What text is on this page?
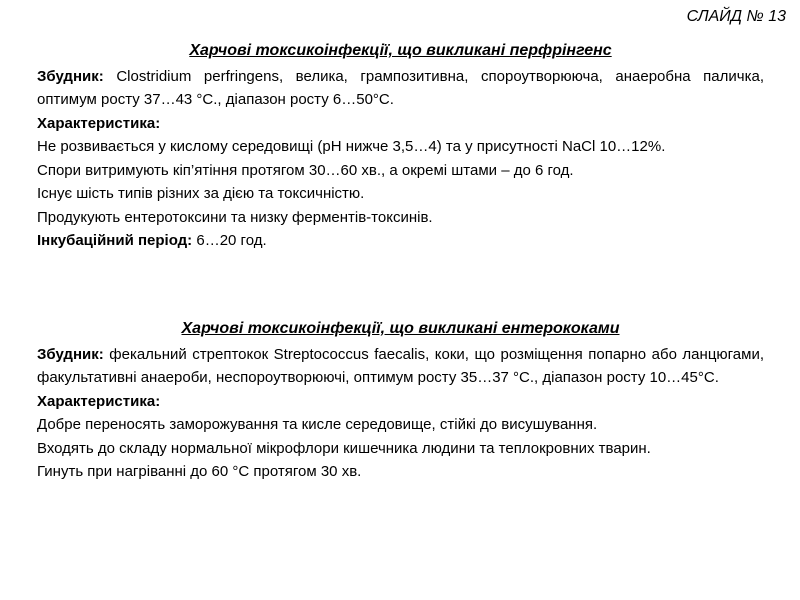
СЛАЙД № 13
Харчові токсикоінфекції, що викликані перфрінгенс

Збудник: Clostridium perfringens, велика, грампозитивна, спороутворююча, анаеробна паличка, оптимум росту 37…43 °С., діапазон росту 6…50°С.

Характеристика:

Не розвивається у кислому середовищі (рН нижче 3,5…4) та у присутності NaCl 10…12%.

Спори витримують кіп’ятіння протягом 30…60 хв., а окремі штами – до 6 год.

Існує шість типів різних за дією та токсичністю.

Продукують ентеротоксини та низку ферментів-токсинів.

Інкубаційний період: 6…20 год.

Харчові токсикоінфекції, що викликані ентерококами

Збудник: фекальний стрептокок Streptococcus faecalis, коки, що розміщення попарно або ланцюгами, факультативні анаероби, неспороутворюючі, оптимум росту 35…37 °С., діапазон росту 10…45°С.

Характеристика:

Добре переносять заморожування та кисле середовище, стійкі до висушування.

Входять до складу нормальної мікрофлори кишечника людини та теплокровних тварин.

Гинуть при нагріванні до 60 °С протягом 30 хв.
